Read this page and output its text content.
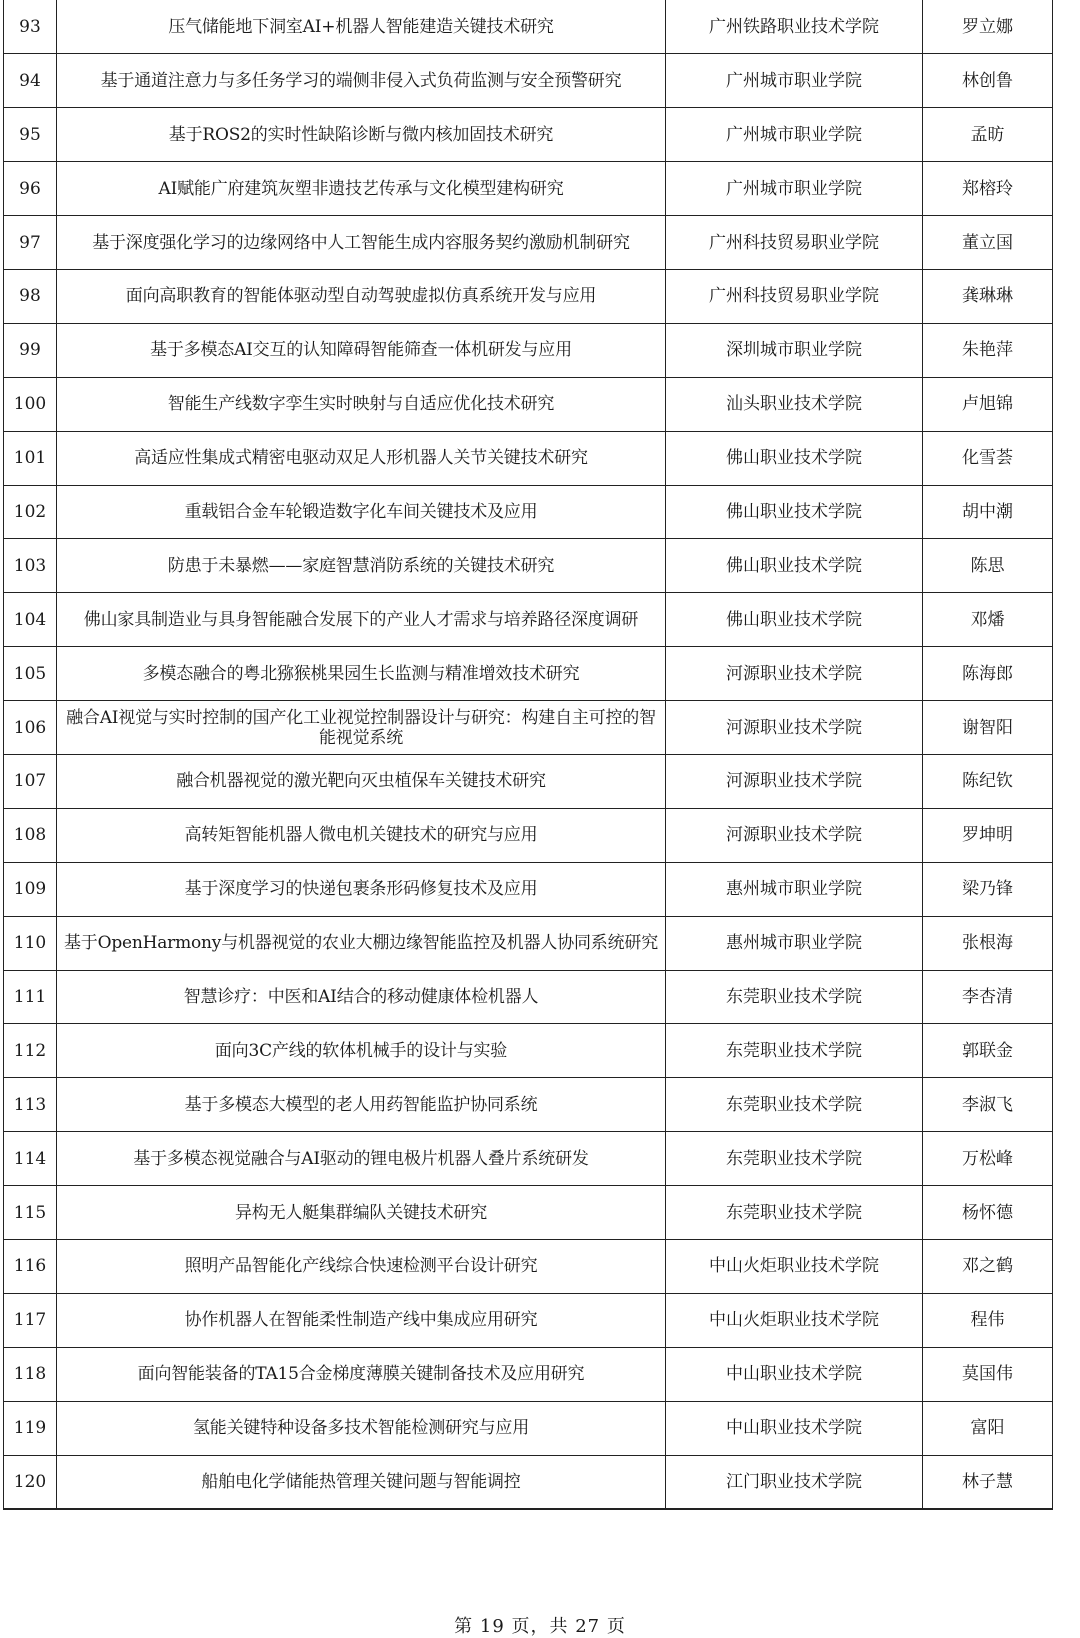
93	压气储能地下洞室AI+机器人智能建造关键技术研究	广州铁路职业技术学院	罗立娜
94	基于通道注意力与多任务学习的端侧非侵入式负荷监测与安全预警研究	广州城市职业学院	林创鲁
95	基于ROS2的实时性缺陷诊断与微内核加固技术研究	广州城市职业学院	孟昉
96	AI赋能广府建筑灰塑非遗技艺传承与文化模型建构研究	广州城市职业学院	郑榕玲
97	基于深度强化学习的边缘网络中人工智能生成内容服务契约激励机制研究	广州科技贸易职业学院	董立国
98	面向高职教育的智能体驱动型自动驾驶虚拟仿真系统开发与应用	广州科技贸易职业学院	龚琳琳
99	基于多模态AI交互的认知障碍智能筛查一体机研发与应用	深圳城市职业学院	朱艳萍
100	智能生产线数字孪生实时映射与自适应优化技术研究	汕头职业技术学院	卢旭锦
101	高适应性集成式精密电驱动双足人形机器人关节关键技术研究	佛山职业技术学院	化雪荟
102	重载铝合金车轮锻造数字化车间关键技术及应用	佛山职业技术学院	胡中潮
103	防患于未暴燃——家庭智慧消防系统的关键技术研究	佛山职业技术学院	陈思
104	佛山家具制造业与具身智能融合发展下的产业人才需求与培养路径深度调研	佛山职业技术学院	邓燔
105	多模态融合的粤北猕猴桃果园生长监测与精准增效技术研究	河源职业技术学院	陈海郎
106	融合AI视觉与实时控制的国产化工业视觉控制器设计与研究：构建自主可控的智能视觉系统	河源职业技术学院	谢智阳
107	融合机器视觉的激光靶向灭虫植保车关键技术研究	河源职业技术学院	陈纪钦
108	高转矩智能机器人微电机关键技术的研究与应用	河源职业技术学院	罗坤明
109	基于深度学习的快递包裹条形码修复技术及应用	惠州城市职业学院	梁乃锋
110	基于OpenHarmony与机器视觉的农业大棚边缘智能监控及机器人协同系统研究	惠州城市职业学院	张根海
111	智慧诊疗：中医和AI结合的移动健康体检机器人	东莞职业技术学院	李杏清
112	面向3C产线的软体机械手的设计与实验	东莞职业技术学院	郭联金
113	基于多模态大模型的老人用药智能监护协同系统	东莞职业技术学院	李淑飞
114	基于多模态视觉融合与AI驱动的锂电极片机器人叠片系统研发	东莞职业技术学院	万松峰
115	异构无人艇集群编队关键技术研究	东莞职业技术学院	杨怀德
116	照明产品智能化产线综合快速检测平台设计研究	中山火炬职业技术学院	邓之鹤
117	协作机器人在智能柔性制造产线中集成应用研究	中山火炬职业技术学院	程伟
118	面向智能装备的TA15合金梯度薄膜关键制备技术及应用研究	中山职业技术学院	莫国伟
119	氢能关键特种设备多技术智能检测研究与应用	中山职业技术学院	富阳
120	船舶电化学储能热管理关键问题与智能调控	江门职业技术学院	林子慧
第 19 页，共 27 页
